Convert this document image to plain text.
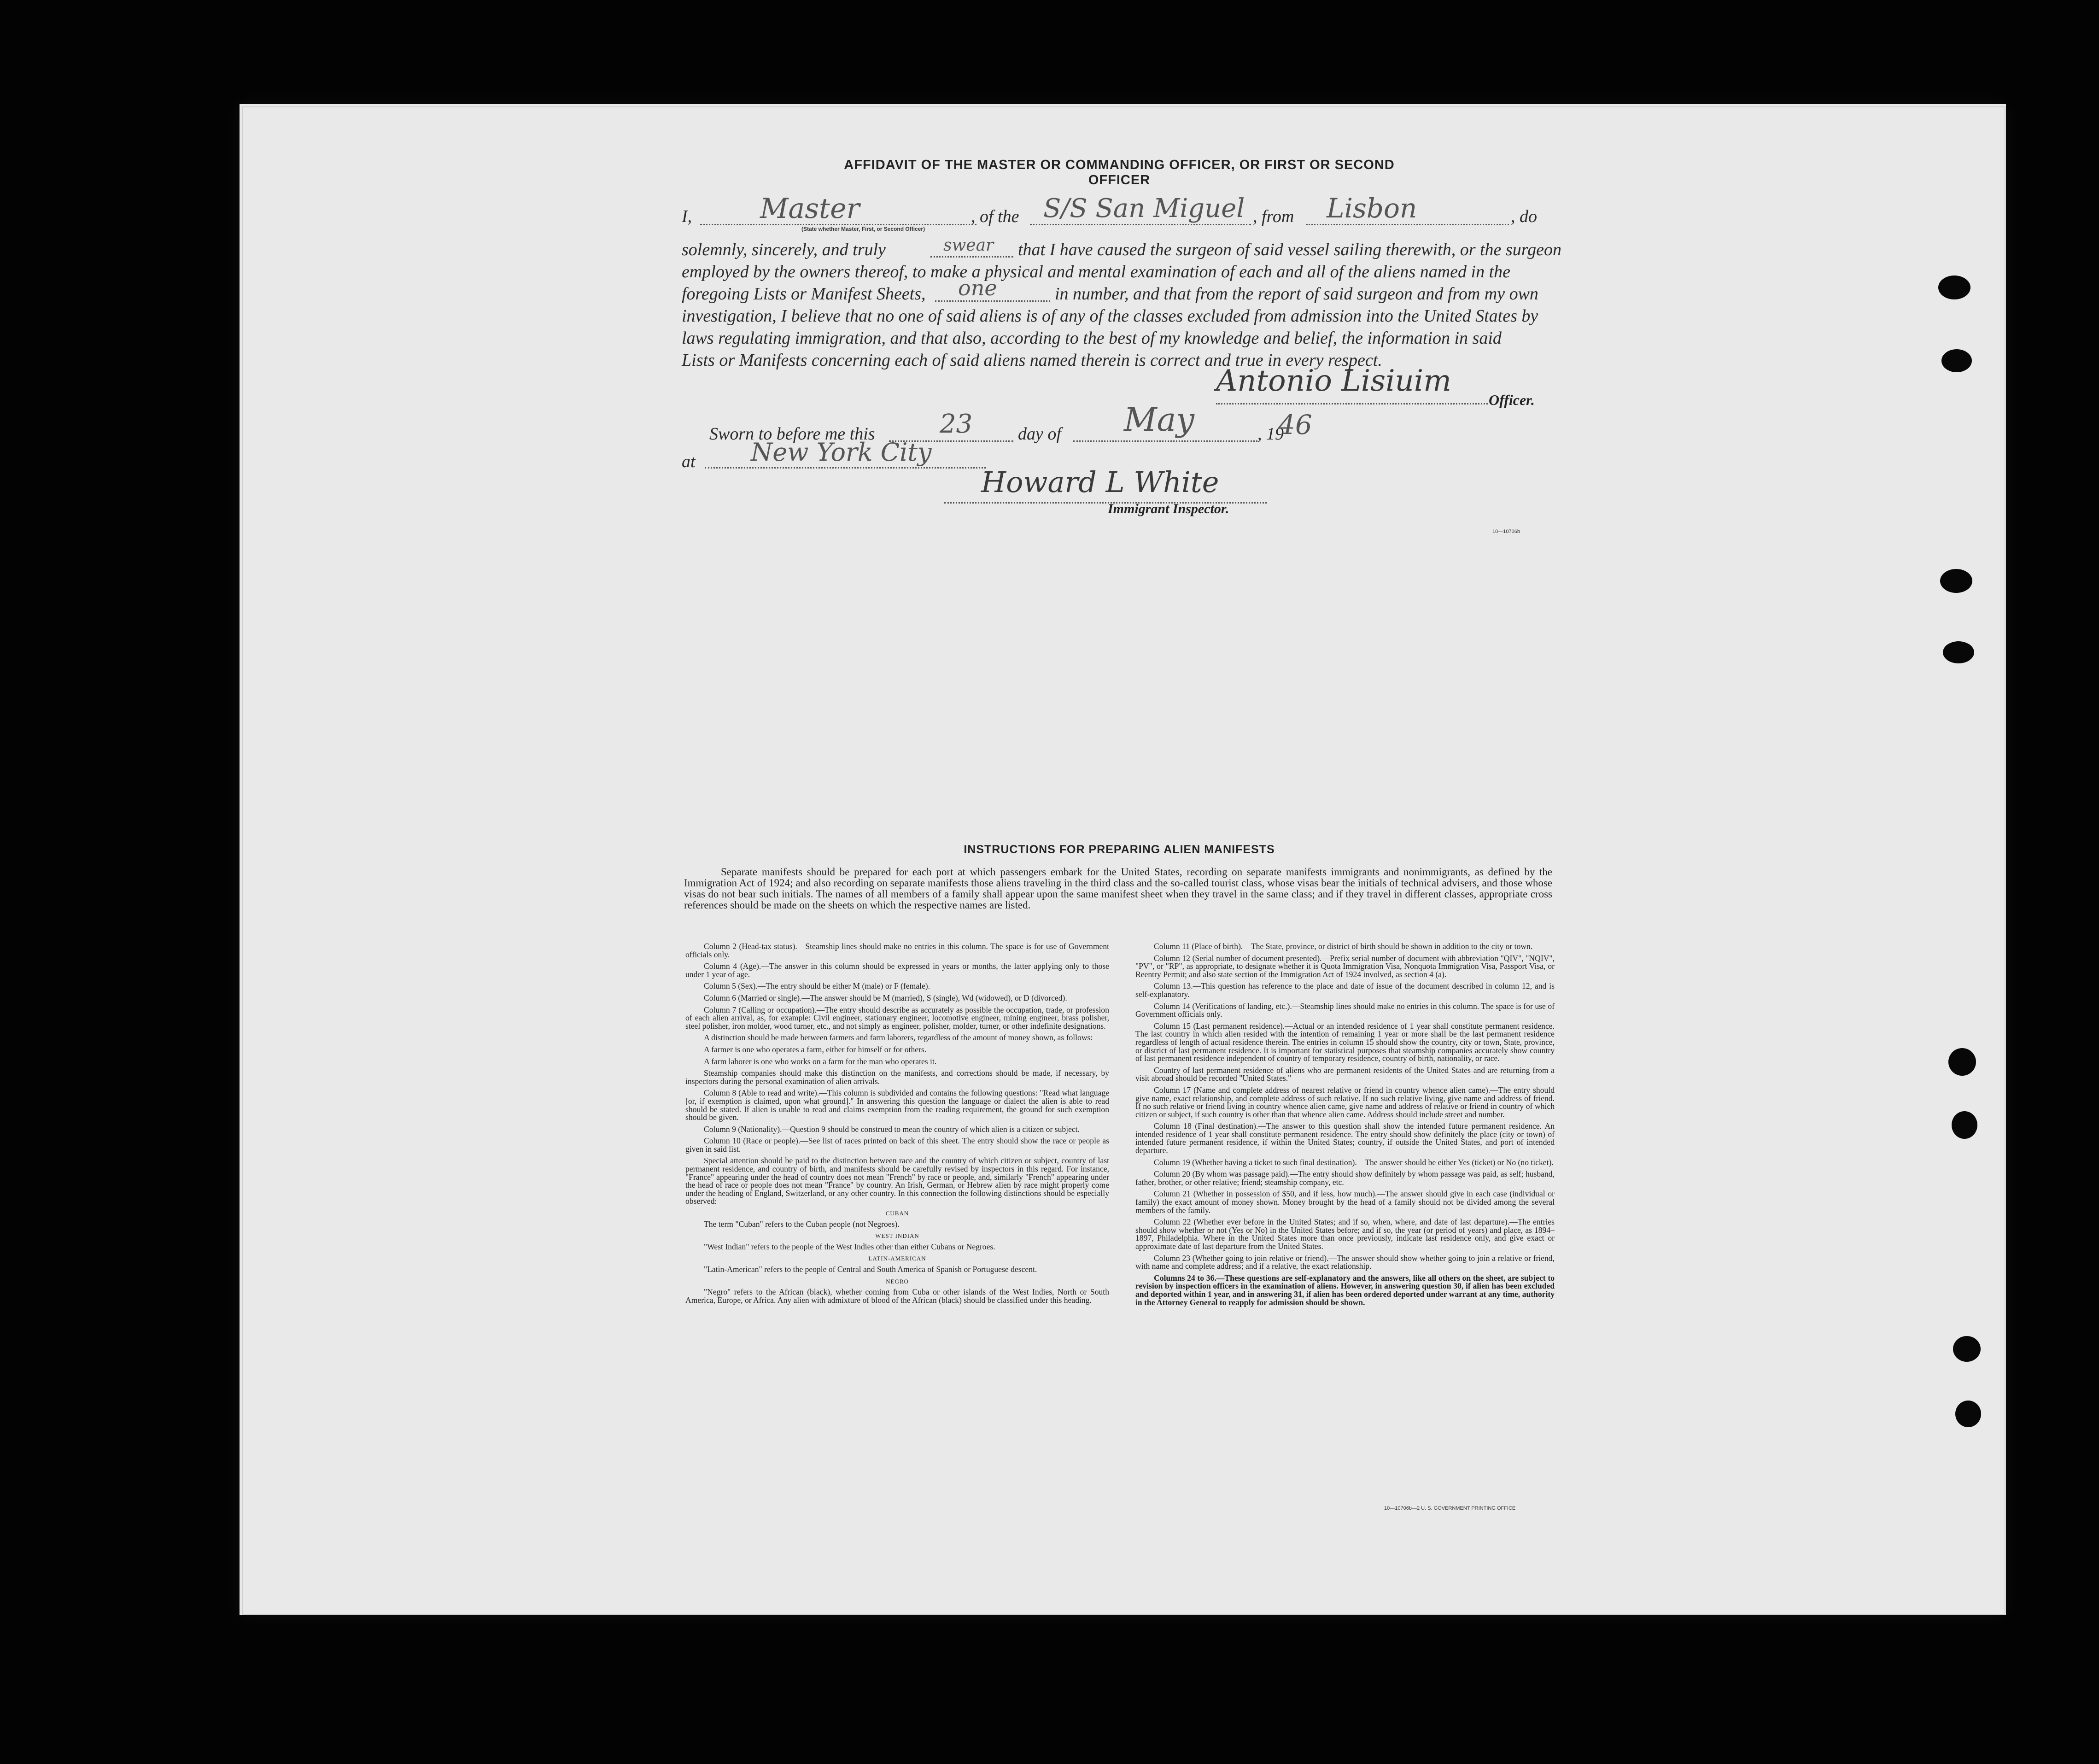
AFFIDAVIT OF THE MASTER OR COMMANDING OFFICER, OR FIRST OR SECOND OFFICER
I,	, of the	, from	, do
(State whether Master, First, or Second Officer)
Master	S/S San Miguel	Lisbon
solemnly, sincerely, and truly	swear that I have caused the surgeon of said vessel sailing therewith, or the surgeon
employed by the owners thereof, to make a physical and mental examination of each and all of the aliens named in the
foregoing Lists or Manifest Sheets, one	in number, and that from the report of said surgeon and from my own
investigation, I believe that no one of said aliens is of any of the classes excluded from admission into the United States by
laws regulating immigration, and that also, according to the best of my knowledge and belief, the information in said
Lists or Manifests concerning each of said aliens named therein is correct and true in every respect.
Antonio Lisiuim
Officer.
Sworn to before me this	day of	, 19
23	May	46
at New York City
Howard L White
Immigrant Inspector.
10—10706b
INSTRUCTIONS FOR PREPARING ALIEN MANIFESTS
Separate manifests should be prepared for each port at which passengers embark for the United States, recording on separate manifests immigrants and nonimmigrants, as defined by the Immigration Act of 1924; and also recording on separate manifests those aliens traveling in the third class and the so-called tourist class, whose visas bear the initials of technical advisers, and those whose visas do not bear such initials. The names of all members of a family shall appear upon the same manifest sheet when they travel in the same class; and if they travel in different classes, appropriate cross references should be made on the sheets on which the respective names are listed.

Column 2 (Head-tax status).—Steamship lines should make no entries in this column. The space is for use of Government officials only.

Column 4 (Age).—The answer in this column should be expressed in years or months, the latter applying only to those under 1 year of age.

Column 5 (Sex).—The entry should be either M (male) or F (female).

Column 6 (Married or single).—The answer should be M (married), S (single), Wd (widowed), or D (divorced).

Column 7 (Calling or occupation).—The entry should describe as accurately as possible the occupation, trade, or profession of each alien arrival, as, for example: Civil engineer, stationary engineer, locomotive engineer, mining engineer, brass polisher, steel polisher, iron molder, wood turner, etc., and not simply as engineer, polisher, molder, turner, or other indefinite designations.

A distinction should be made between farmers and farm laborers, regardless of the amount of money shown, as follows:

A farmer is one who operates a farm, either for himself or for others.

A farm laborer is one who works on a farm for the man who operates it.

Steamship companies should make this distinction on the manifests, and corrections should be made, if necessary, by inspectors during the personal examination of alien arrivals.

Column 8 (Able to read and write).—This column is subdivided and contains the following questions: "Read what language [or, if exemption is claimed, upon what ground]." In answering this question the language or dialect the alien is able to read should be stated. If alien is unable to read and claims exemption from the reading requirement, the ground for such exemption should be given.

Column 9 (Nationality).—Question 9 should be construed to mean the country of which alien is a citizen or subject.

Column 10 (Race or people).—See list of races printed on back of this sheet. The entry should show the race or people as given in said list.

Special attention should be paid to the distinction between race and the country of which citizen or subject, country of last permanent residence, and country of birth, and manifests should be carefully revised by inspectors in this regard. For instance, "France" appearing under the head of country does not mean "French" by race or people, and, similarly "French" appearing under the head of race or people does not mean "France" by country. An Irish, German, or Hebrew alien by race might properly come under the heading of England, Switzerland, or any other country. In this connection the following distinctions should be especially observed:

CUBAN

The term "Cuban" refers to the Cuban people (not Negroes).

WEST INDIAN

"West Indian" refers to the people of the West Indies other than either Cubans or Negroes.

LATIN-AMERICAN

"Latin-American" refers to the people of Central and South America of Spanish or Portuguese descent.

NEGRO

"Negro" refers to the African (black), whether coming from Cuba or other islands of the West Indies, North or South America, Europe, or Africa. Any alien with admixture of blood of the African (black) should be classified under this heading.

Column 11 (Place of birth).—The State, province, or district of birth should be shown in addition to the city or town.

Column 12 (Serial number of document presented).—Prefix serial number of document with abbreviation "QIV", "NQIV", "PV", or "RP", as appropriate, to designate whether it is Quota Immigration Visa, Nonquota Immigration Visa, Passport Visa, or Reentry Permit; and also state section of the Immigration Act of 1924 involved, as section 4 (a).

Column 13.—This question has reference to the place and date of issue of the document described in column 12, and is self-explanatory.

Column 14 (Verifications of landing, etc.).—Steamship lines should make no entries in this column. The space is for use of Government officials only.

Column 15 (Last permanent residence).—Actual or an intended residence of 1 year shall constitute permanent residence. The last country in which alien resided with the intention of remaining 1 year or more shall be the last permanent residence regardless of length of actual residence therein. The entries in column 15 should show the country, city or town, State, province, or district of last permanent residence. It is important for statistical purposes that steamship companies accurately show country of last permanent residence independent of country of temporary residence, country of birth, nationality, or race.

Country of last permanent residence of aliens who are permanent residents of the United States and are returning from a visit abroad should be recorded "United States."

Column 17 (Name and complete address of nearest relative or friend in country whence alien came).—The entry should give name, exact relationship, and complete address of such relative. If no such relative living, give name and address of friend. If no such relative or friend living in country whence alien came, give name and address of relative or friend in country of which citizen or subject, if such country is other than that whence alien came. Address should include street and number.

Column 18 (Final destination).—The answer to this question shall show the intended future permanent residence. An intended residence of 1 year shall constitute permanent residence. The entry should show definitely the place (city or town) of intended future permanent residence, if within the United States; country, if outside the United States, and port of intended departure.

Column 19 (Whether having a ticket to such final destination).—The answer should be either Yes (ticket) or No (no ticket).

Column 20 (By whom was passage paid).—The entry should show definitely by whom passage was paid, as self; husband, father, brother, or other relative; friend; steamship company, etc.

Column 21 (Whether in possession of $50, and if less, how much).—The answer should give in each case (individual or family) the exact amount of money shown. Money brought by the head of a family should not be divided among the several members of the family.

Column 22 (Whether ever before in the United States; and if so, when, where, and date of last departure).—The entries should show whether or not (Yes or No) in the United States before; and if so, the year (or period of years) and place, as 1894–1897, Philadelphia. Where in the United States more than once previously, indicate last residence only, and give exact or approximate date of last departure from the United States.

Column 23 (Whether going to join relative or friend).—The answer should show whether going to join a relative or friend, with name and complete address; and if a relative, the exact relationship.

Columns 24 to 36.—These questions are self-explanatory and the answers, like all others on the sheet, are subject to revision by inspection officers in the examination of aliens. However, in answering question 30, if alien has been excluded and deported within 1 year, and in answering 31, if alien has been ordered deported under warrant at any time, authority in the Attorney General to reapply for admission should be shown.

10—10706b—2 U. S. GOVERNMENT PRINTING OFFICE
